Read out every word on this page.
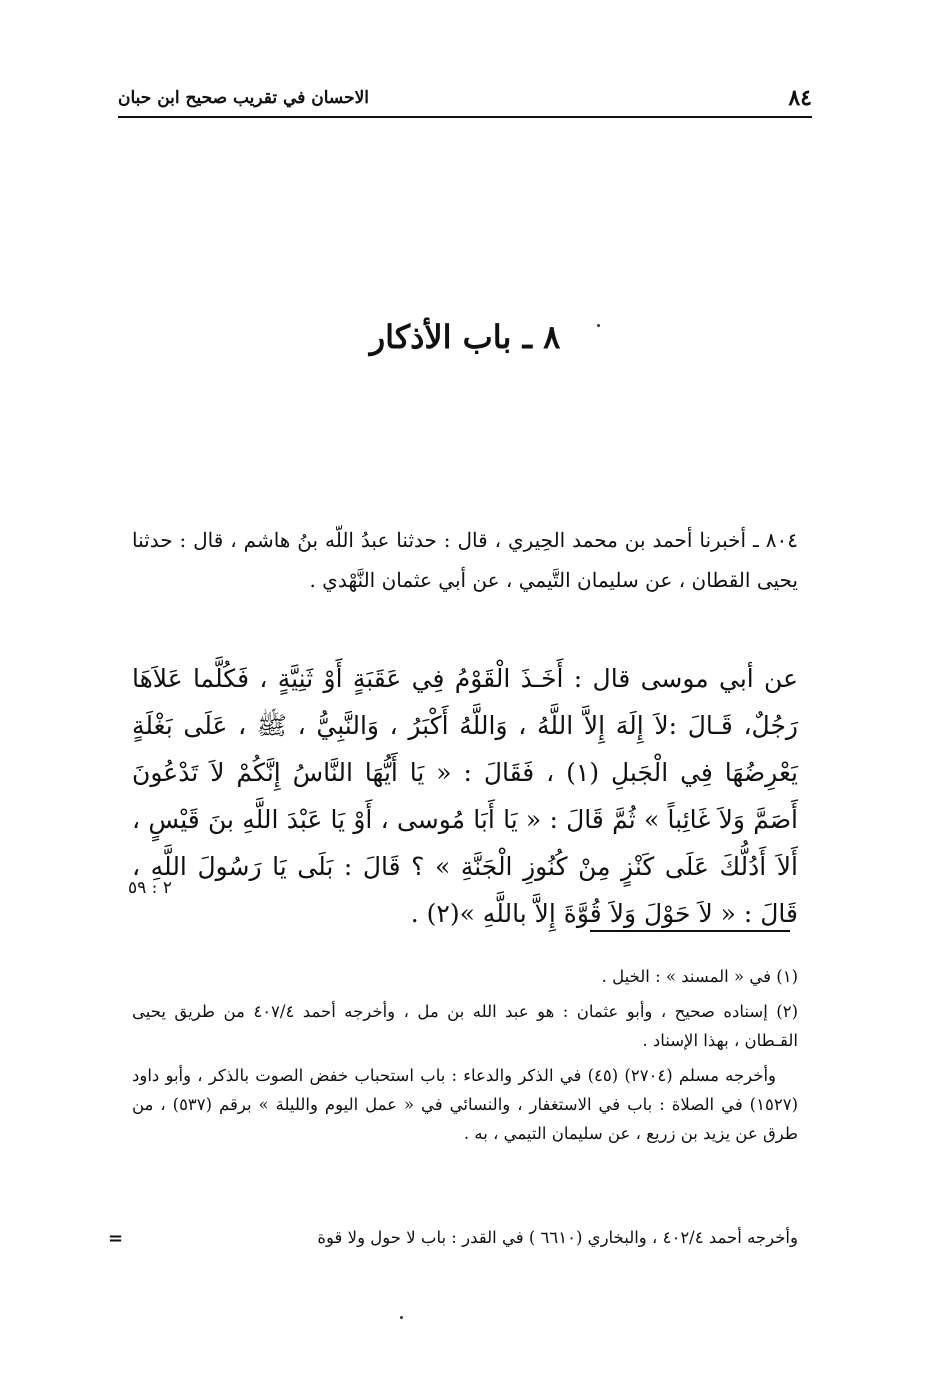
٨٤
الاحسان في تقريب صحيح ابن حبان
٨ ـ باب الأذكار

٨٠٤ ـ أخبرنا أحمد بن محمد الحِيري ، قال : حدثنا عبدُ اللّه بنُ هاشم ، قال : حدثنا يحيى القطان ، عن سليمان التَّيمي ، عن أبي عثمان النَّهْدي .

عن أبي موسى قال : أَخَـذَ الْقَوْمُ فِي عَقَبَةٍ أَوْ ثَنِيَّةٍ ، فَكُلَّما عَلاَهَا رَجُلٌ، قَـالَ :لاَ إِلَهَ إِلاَّ اللَّهُ ، وَاللَّهُ أَكْبَرُ ، وَالنَّبِيُّ ، ﷺ ، عَلَى بَغْلَةٍ يَعْرِضُهَا فِي الْجَبلِ (١) ، فَقَالَ : « يَا أَيُّهَا النَّاسُ إِنَّكُمْ لاَ تَدْعُونَ أَصَمَّ وَلاَ غَائِباً » ثُمَّ قَالَ : « يَا أَبَا مُوسى ، أَوْ يَا عَبْدَ اللَّهِ بنَ قَيْسٍ ، أَلاَ أَدُلُّكَ عَلَى كَنْزٍ مِنْ كُنُوزِ الْجَنَّةِ » ؟ قَالَ : بَلَى يَا رَسُولَ اللَّهِ ، قَالَ : « لاَ حَوْلَ وَلاَ قُوَّةَ إِلاَّ باللَّهِ »(٢) .

٢ : ٥٩

(١) في « المسند » : الخيل .

(٢) إسناده صحيح ، وأبو عثمان : هو عبد الله بن مل ، وأخرجه أحمد ٤٠٧/٤ من طريق يحيى القـطان ، بهذا الإسناد .

وأخرجه مسلم (٢٧٠٤) (٤٥) في الذكر والدعاء : باب استحباب خفض الصوت بالذكر ، وأبو داود (١٥٢٧) في الصلاة : باب في الاستغفار ، والنسائي في « عمل اليوم والليلة » برقم (٥٣٧) ، من طرق عن يزيد بن زريع ، عن سليمان التيمي ، به .

وأخرجه أحمد ٤٠٢/٤ ، والبخاري (٦٦١٠ ) في القدر : باب لا حول ولا قوة
=
